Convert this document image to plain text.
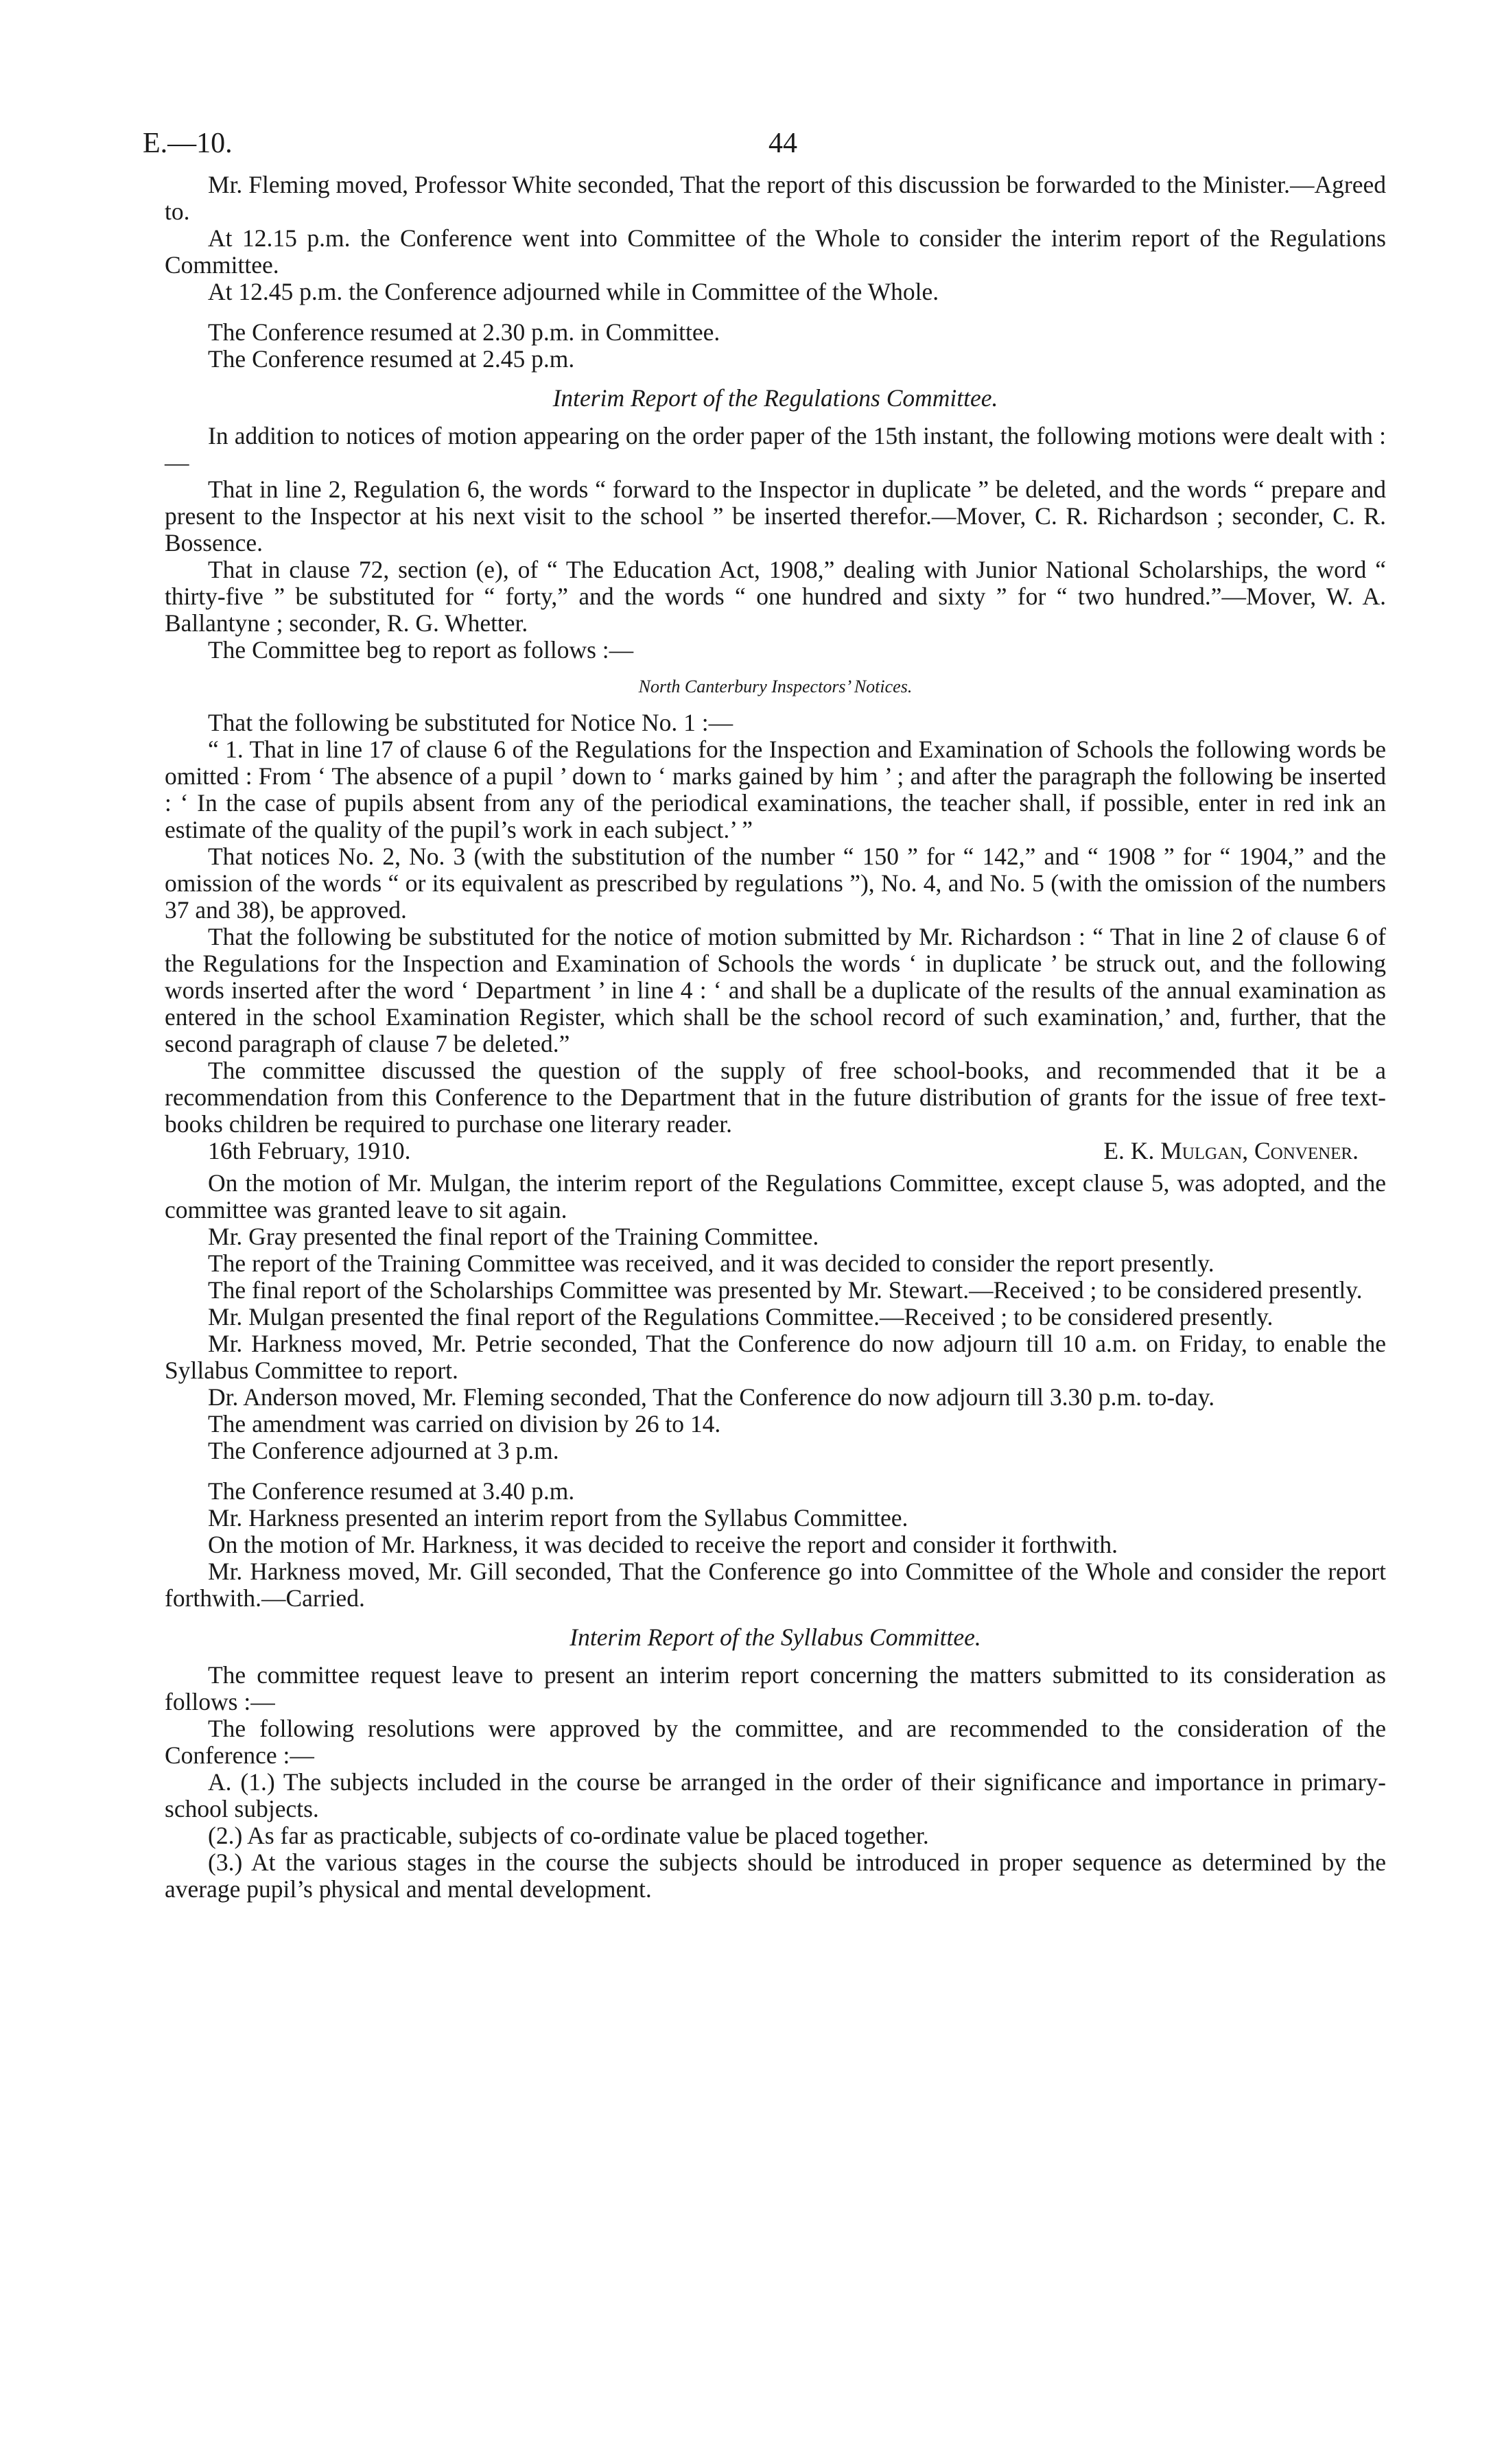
E.—10.	44

Mr. Fleming moved, Professor White seconded, That the report of this discussion be forwarded to the Minister.—Agreed to.

At 12.15 p.m. the Conference went into Committee of the Whole to consider the interim report of the Regulations Committee.

At 12.45 p.m. the Conference adjourned while in Committee of the Whole.

The Conference resumed at 2.30 p.m. in Committee.

The Conference resumed at 2.45 p.m.

Interim Report of the Regulations Committee.

In addition to notices of motion appearing on the order paper of the 15th instant, the following motions were dealt with :—

That in line 2, Regulation 6, the words “ forward to the Inspector in duplicate ” be deleted, and the words “ prepare and present to the Inspector at his next visit to the school ” be inserted therefor.—Mover, C. R. Richardson ; seconder, C. R. Bossence.

That in clause 72, section (e), of “ The Education Act, 1908,” dealing with Junior National Scholarships, the word “ thirty-five ” be substituted for “ forty,” and the words “ one hundred and sixty ” for “ two hundred.”—Mover, W. A. Ballantyne ; seconder, R. G. Whetter.

The Committee beg to report as follows :—

North Canterbury Inspectors’ Notices.

That the following be substituted for Notice No. 1 :—

“ 1. That in line 17 of clause 6 of the Regulations for the Inspection and Examination of Schools the following words be omitted : From ‘ The absence of a pupil ’ down to ‘ marks gained by him ’ ; and after the paragraph the following be inserted : ‘ In the case of pupils absent from any of the periodical examinations, the teacher shall, if possible, enter in red ink an estimate of the quality of the pupil’s work in each subject.’ ”

That notices No. 2, No. 3 (with the substitution of the number “ 150 ” for “ 142,” and “ 1908 ” for “ 1904,” and the omission of the words “ or its equivalent as prescribed by regulations ”), No. 4, and No. 5 (with the omission of the numbers 37 and 38), be approved.

That the following be substituted for the notice of motion submitted by Mr. Richardson : “ That in line 2 of clause 6 of the Regulations for the Inspection and Examination of Schools the words ‘ in duplicate ’ be struck out, and the following words inserted after the word ‘ Department ’ in line 4 : ‘ and shall be a duplicate of the results of the annual examination as entered in the school Examination Register, which shall be the school record of such examination,’ and, further, that the second paragraph of clause 7 be deleted.”

The committee discussed the question of the supply of free school-books, and recommended that it be a recommendation from this Conference to the Department that in the future distribution of grants for the issue of free text-books children be required to purchase one literary reader.

16th February, 1910.	E. K. Mulgan, Convener.

On the motion of Mr. Mulgan, the interim report of the Regulations Committee, except clause 5, was adopted, and the committee was granted leave to sit again.

Mr. Gray presented the final report of the Training Committee.

The report of the Training Committee was received, and it was decided to consider the report presently.

The final report of the Scholarships Committee was presented by Mr. Stewart.—Received ; to be considered presently.

Mr. Mulgan presented the final report of the Regulations Committee.—Received ; to be considered presently.

Mr. Harkness moved, Mr. Petrie seconded, That the Conference do now adjourn till 10 a.m. on Friday, to enable the Syllabus Committee to report.

Dr. Anderson moved, Mr. Fleming seconded, That the Conference do now adjourn till 3.30 p.m. to-day.

The amendment was carried on division by 26 to 14.

The Conference adjourned at 3 p.m.

The Conference resumed at 3.40 p.m.

Mr. Harkness presented an interim report from the Syllabus Committee.

On the motion of Mr. Harkness, it was decided to receive the report and consider it forthwith.

Mr. Harkness moved, Mr. Gill seconded, That the Conference go into Committee of the Whole and consider the report forthwith.—Carried.

Interim Report of the Syllabus Committee.

The committee request leave to present an interim report concerning the matters submitted to its consideration as follows :—

The following resolutions were approved by the committee, and are recommended to the consideration of the Conference :—

A. (1.) The subjects included in the course be arranged in the order of their significance and importance in primary-school subjects.

(2.) As far as practicable, subjects of co-ordinate value be placed together.

(3.) At the various stages in the course the subjects should be introduced in proper sequence as determined by the average pupil’s physical and mental development.
